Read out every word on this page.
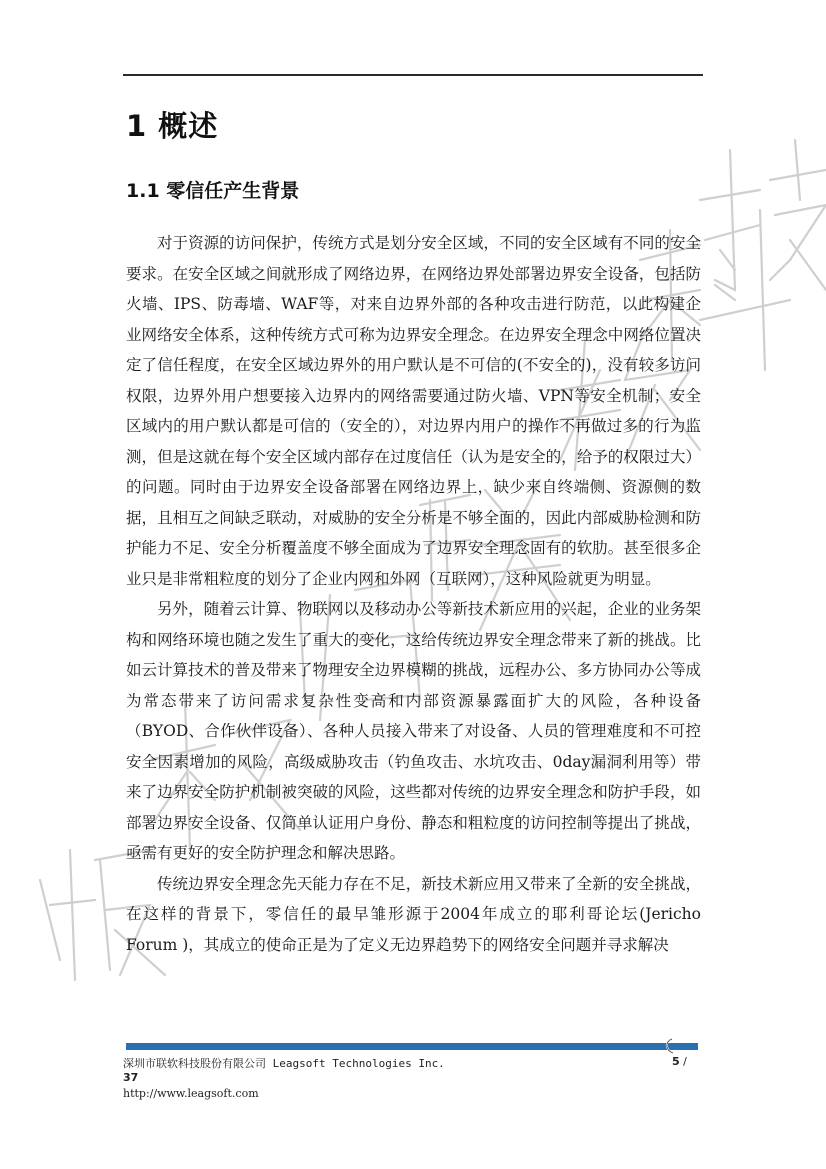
1 概述
1.1 零信任产生背景

对于资源的访问保护，传统方式是划分安全区域，不同的安全区域有不同的安全要求。在安全区域之间就形成了网络边界，在网络边界处部署边界安全设备，包括防火墙、IPS、防毒墙、WAF等，对来自边界外部的各种攻击进行防范，以此构建企业网络安全体系，这种传统方式可称为边界安全理念。在边界安全理念中网络位置决定了信任程度，在安全区域边界外的用户默认是不可信的(不安全的)，没有较多访问权限，边界外用户想要接入边界内的网络需要通过防火墙、VPN等安全机制；安全区域内的用户默认都是可信的（安全的），对边界内用户的操作不再做过多的行为监测，但是这就在每个安全区域内部存在过度信任（认为是安全的，给予的权限过大）的问题。同时由于边界安全设备部署在网络边界上，缺少来自终端侧、资源侧的数据，且相互之间缺乏联动，对威胁的安全分析是不够全面的，因此内部威胁检测和防护能力不足、安全分析覆盖度不够全面成为了边界安全理念固有的软肋。甚至很多企业只是非常粗粒度的划分了企业内网和外网（互联网），这种风险就更为明显。

另外，随着云计算、物联网以及移动办公等新技术新应用的兴起，企业的业务架构和网络环境也随之发生了重大的变化，这给传统边界安全理念带来了新的挑战。比如云计算技术的普及带来了物理安全边界模糊的挑战，远程办公、多方协同办公等成为常态带来了访问需求复杂性变高和内部资源暴露面扩大的风险，各种设备（BYOD、合作伙伴设备）、各种人员接入带来了对设备、人员的管理难度和不可控安全因素增加的风险，高级威胁攻击（钓鱼攻击、水坑攻击、0day漏洞利用等）带来了边界安全防护机制被突破的风险，这些都对传统的边界安全理念和防护手段，如部署边界安全设备、仅简单认证用户身份、静态和粗粒度的访问控制等提出了挑战，亟需有更好的安全防护理念和解决思路。

传统边界安全理念先天能力存在不足，新技术新应用又带来了全新的安全挑战，在这样的背景下，零信任的最早雏形源于2004年成立的耶利哥论坛(Jericho Forum )，其成立的使命正是为了定义无边界趋势下的网络安全问题并寻求解决

深圳市联软科技股份有限公司 Leagsoft Technologies Inc.	5 /
37
http://www.leagsoft.com
